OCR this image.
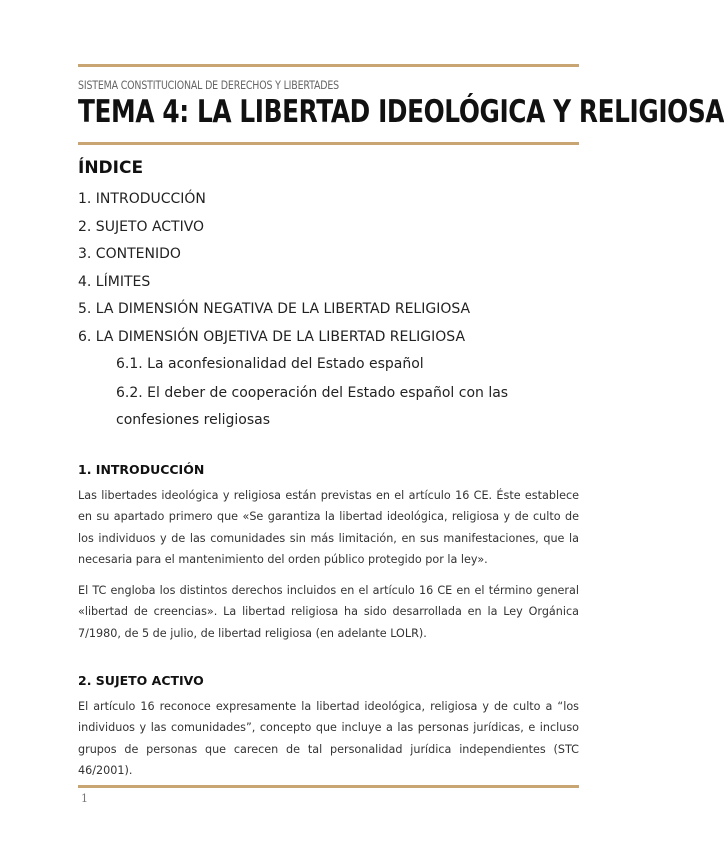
SISTEMA CONSTITUCIONAL DE DERECHOS Y LIBERTADES
TEMA 4: LA LIBERTAD IDEOLÓGICA Y RELIGIOSA
ÍNDICE
1. INTRODUCCIÓN
2. SUJETO ACTIVO
3. CONTENIDO
4. LÍMITES
5. LA DIMENSIÓN NEGATIVA DE LA LIBERTAD RELIGIOSA
6. LA DIMENSIÓN OBJETIVA DE LA LIBERTAD RELIGIOSA
6.1. La aconfesionalidad del Estado español
6.2. El deber de cooperación del Estado español con las confesiones religiosas
1. INTRODUCCIÓN
Las libertades ideológica y religiosa están previstas en el artículo 16 CE. Éste establece en su apartado primero que «Se garantiza la libertad ideológica, religiosa y de culto de los individuos y de las comunidades sin más limitación, en sus manifestaciones, que la necesaria para el mantenimiento del orden público protegido por la ley».
El TC engloba los distintos derechos incluidos en el artículo 16 CE en el término general «libertad de creencias». La libertad religiosa ha sido desarrollada en la Ley Orgánica 7/1980, de 5 de julio, de libertad religiosa (en adelante LOLR).
2. SUJETO ACTIVO
El artículo 16 reconoce expresamente la libertad ideológica, religiosa y de culto a “los individuos y las comunidades”, concepto que incluye a las personas jurídicas, e incluso grupos de personas que carecen de tal personalidad jurídica independientes (STC 46/2001).
1
